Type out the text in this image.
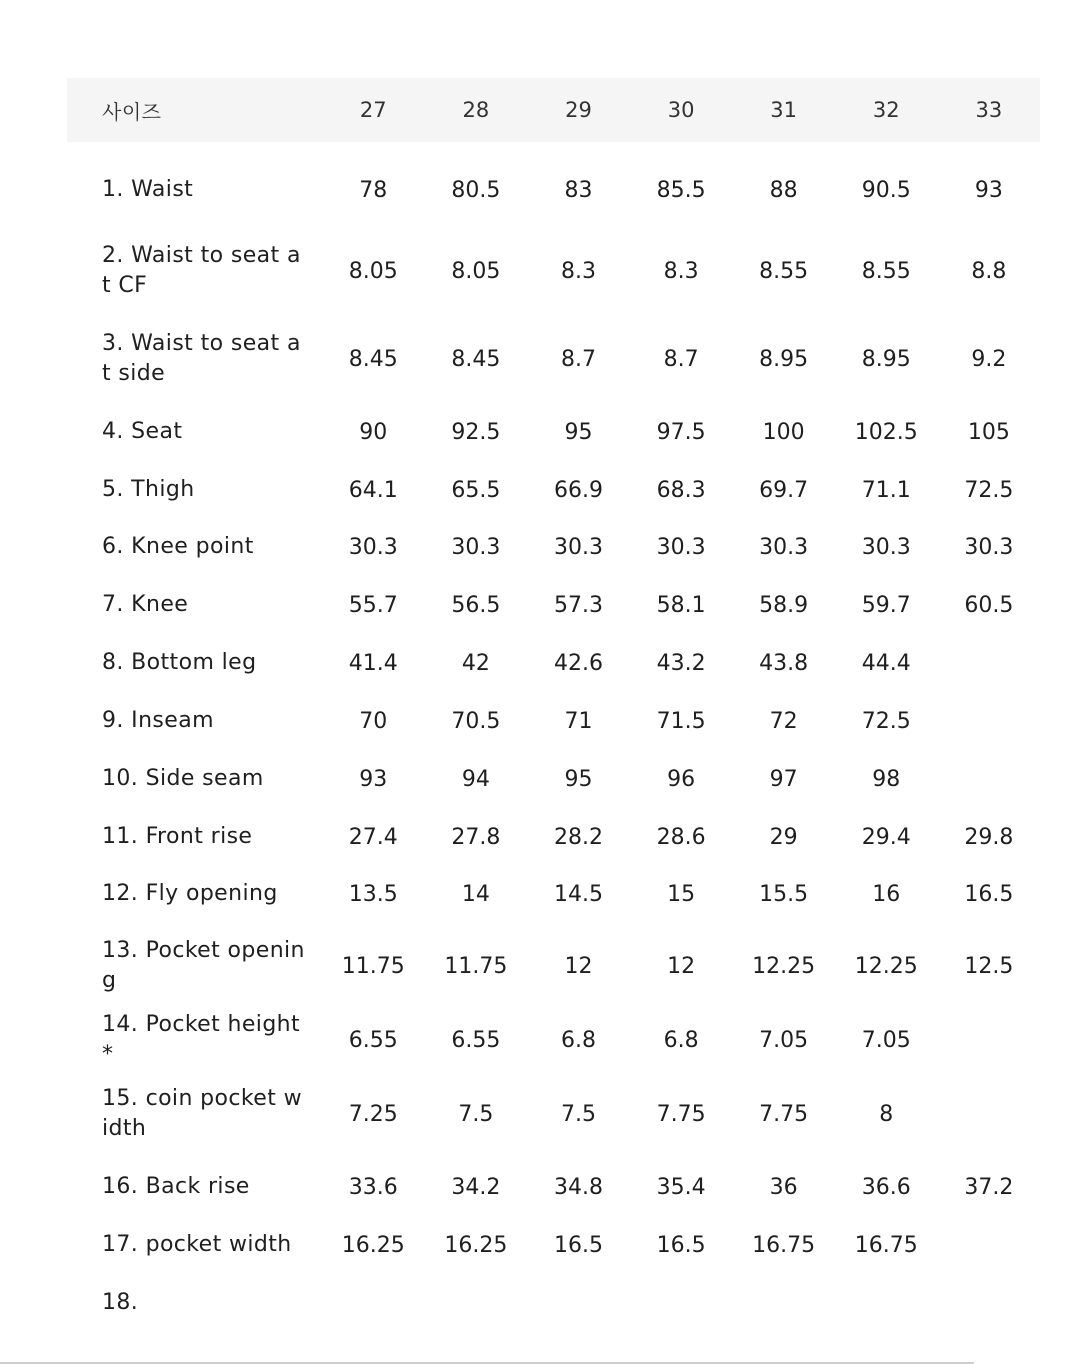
사이즈	27	28	29	30	31	32	33
1. Waist	78	80.5	83	85.5	88	90.5	93
2. Waist to seat at CF	8.05	8.05	8.3	8.3	8.55	8.55	8.8
3. Waist to seat at side	8.45	8.45	8.7	8.7	8.95	8.95	9.2
4. Seat	90	92.5	95	97.5	100	102.5	105
5. Thigh	64.1	65.5	66.9	68.3	69.7	71.1	72.5
6. Knee point	30.3	30.3	30.3	30.3	30.3	30.3	30.3
7. Knee	55.7	56.5	57.3	58.1	58.9	59.7	60.5
8. Bottom leg	41.4	42	42.6	43.2	43.8	44.4	
9. Inseam	70	70.5	71	71.5	72	72.5	
10. Side seam	93	94	95	96	97	98	
11. Front rise	27.4	27.8	28.2	28.6	29	29.4	29.8
12. Fly opening	13.5	14	14.5	15	15.5	16	16.5
13. Pocket opening	11.75	11.75	12	12	12.25	12.25	12.5
14. Pocket height *	6.55	6.55	6.8	6.8	7.05	7.05	
15. coin pocket width	7.25	7.5	7.5	7.75	7.75	8	
16. Back rise	33.6	34.2	34.8	35.4	36	36.6	37.2
17. pocket width	16.25	16.25	16.5	16.5	16.75	16.75	
18.							
